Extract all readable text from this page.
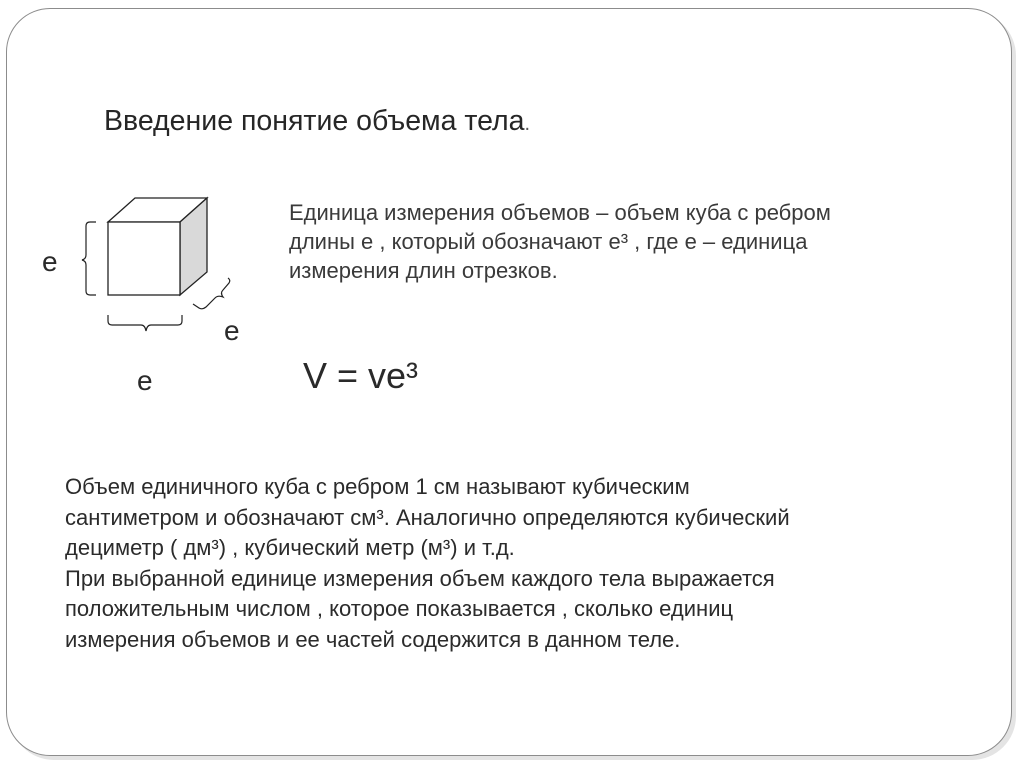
Введение понятие объема тела.
е
е
е
Единица измерения объемов – объем куба с ребром
длины е , который обозначают е³ , где е – единица
измерения длин отрезков.
V = vе³
Объем единичного куба с ребром 1 см называют кубическим
сантиметром и обозначают см³. Аналогично определяются кубический
дециметр ( дм³) , кубический метр (м³) и т.д.
При выбранной единице измерения объем каждого тела выражается
положительным числом , которое показывается , сколько единиц
измерения объемов и ее частей содержится в данном теле.
